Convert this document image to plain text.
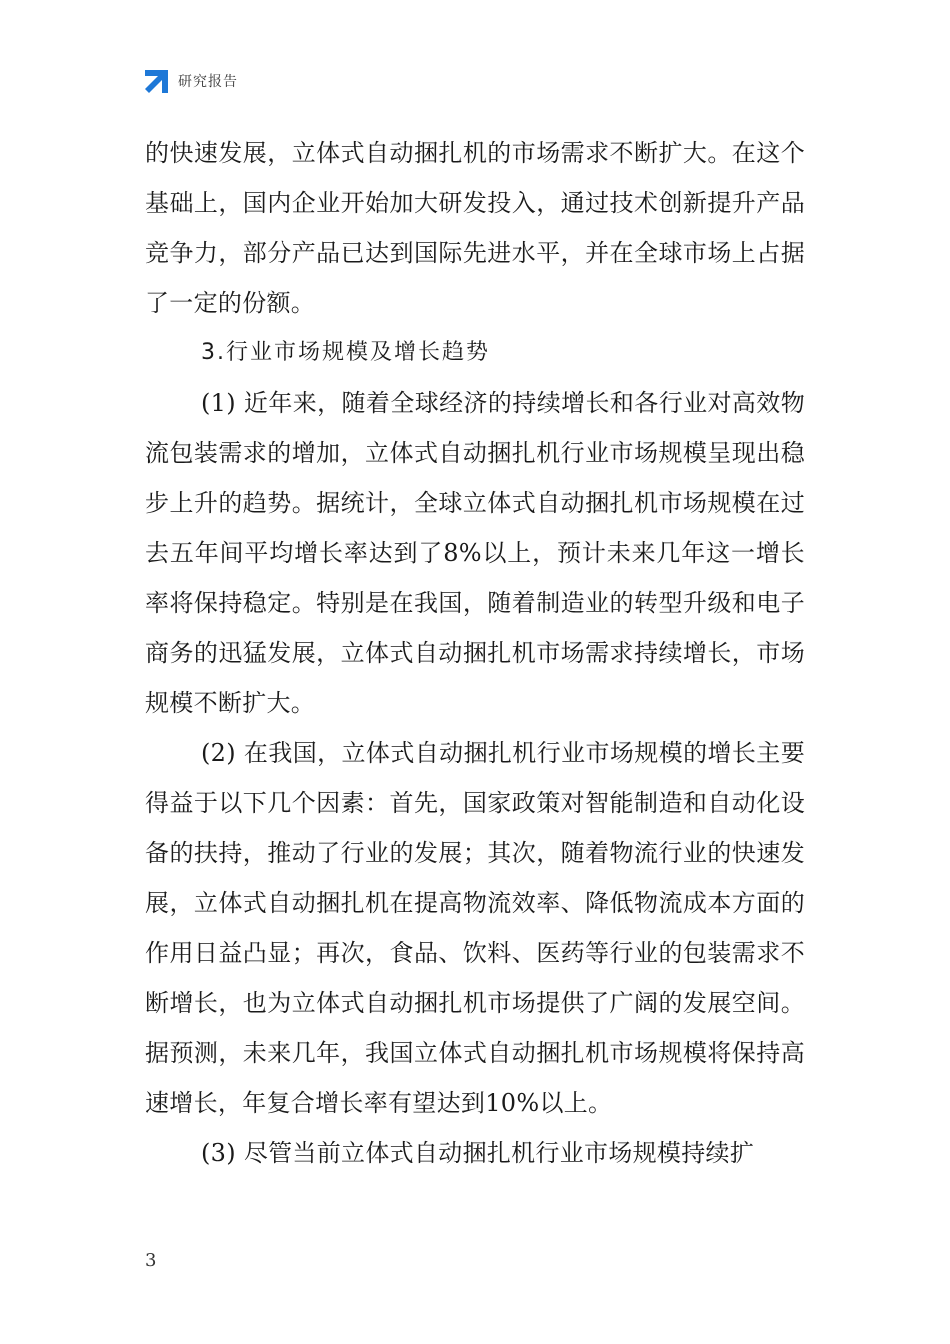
研究报告

的快速发展，立体式自动捆扎机的市场需求不断扩大。在这个基础上，国内企业开始加大研发投入，通过技术创新提升产品竞争力，部分产品已达到国际先进水平，并在全球市场上占据了一定的份额。

3.行业市场规模及增长趋势

(1) 近年来，随着全球经济的持续增长和各行业对高效物流包装需求的增加，立体式自动捆扎机行业市场规模呈现出稳步上升的趋势。据统计，全球立体式自动捆扎机市场规模在过去五年间平均增长率达到了8%以上，预计未来几年这一增长率将保持稳定。特别是在我国，随着制造业的转型升级和电子商务的迅猛发展，立体式自动捆扎机市场需求持续增长，市场规模不断扩大。

(2) 在我国，立体式自动捆扎机行业市场规模的增长主要得益于以下几个因素：首先，国家政策对智能制造和自动化设备的扶持，推动了行业的发展；其次，随着物流行业的快速发展，立体式自动捆扎机在提高物流效率、降低物流成本方面的作用日益凸显；再次，食品、饮料、医药等行业的包装需求不断增长，也为立体式自动捆扎机市场提供了广阔的发展空间。据预测，未来几年，我国立体式自动捆扎机市场规模将保持高速增长，年复合增长率有望达到10%以上。

(3) 尽管当前立体式自动捆扎机行业市场规模持续扩

3
